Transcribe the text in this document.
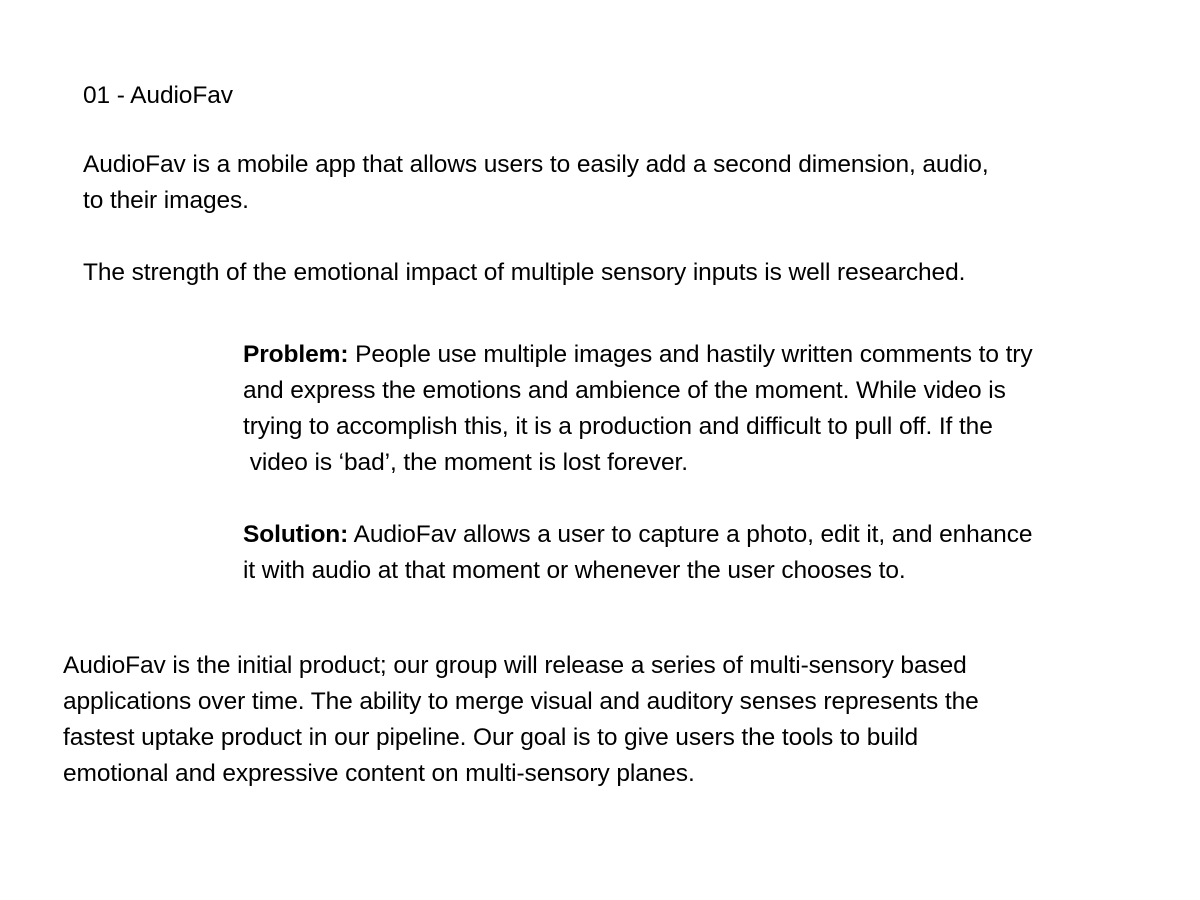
01 - AudioFav
AudioFav is a mobile app that allows users to easily add a second dimension, audio,
to their images.
The strength of the emotional impact of multiple sensory inputs is well researched.
Problem: People use multiple images and hastily written comments to try
and express the emotions and ambience of the moment. While video is
trying to accomplish this, it is a production and difficult to pull off. If the
video is ‘bad’, the moment is lost forever.
Solution: AudioFav allows a user to capture a photo, edit it, and enhance
it with audio at that moment or whenever the user chooses to.
AudioFav is the initial product; our group will release a series of multi-sensory based
applications over time. The ability to merge visual and auditory senses represents the
fastest uptake product in our pipeline. Our goal is to give users the tools to build
emotional and expressive content on multi-sensory planes.
